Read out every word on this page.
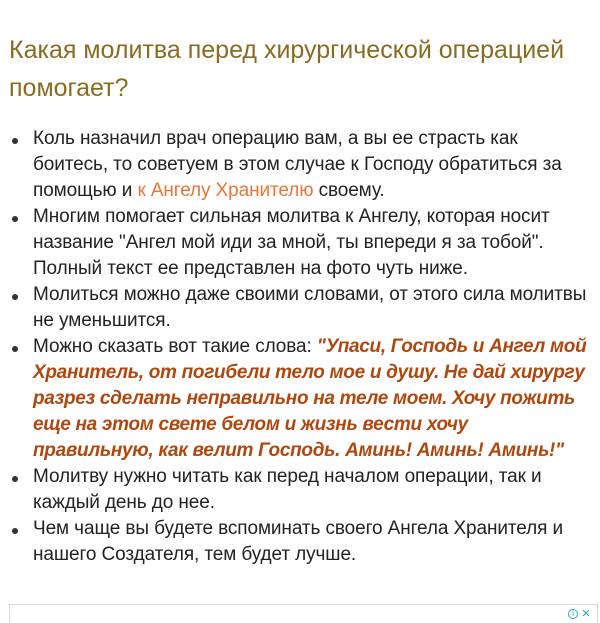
Какая молитва перед хирургической операцией помогает?
Коль назначил врач операцию вам, а вы ее страсть как боитесь, то советуем в этом случае к Господу обратиться за помощью и к Ангелу Хранителю своему.
Многим помогает сильная молитва к Ангелу, которая носит название "Ангел мой иди за мной, ты впереди я за тобой". Полный текст ее представлен на фото чуть ниже.
Молиться можно даже своими словами, от этого сила молитвы не уменьшится.
Можно сказать вот такие слова: "Упаси, Господь и Ангел мой Хранитель, от погибели тело мое и душу. Не дай хирургу разрез сделать неправильно на теле моем. Хочу пожить еще на этом свете белом и жизнь вести хочу правильную, как велит Господь. Аминь! Аминь! Аминь!"
Молитву нужно читать как перед началом операции, так и каждый день до нее.
Чем чаще вы будете вспоминать своего Ангела Хранителя и нашего Создателя, тем будет лучше.
i ✕
